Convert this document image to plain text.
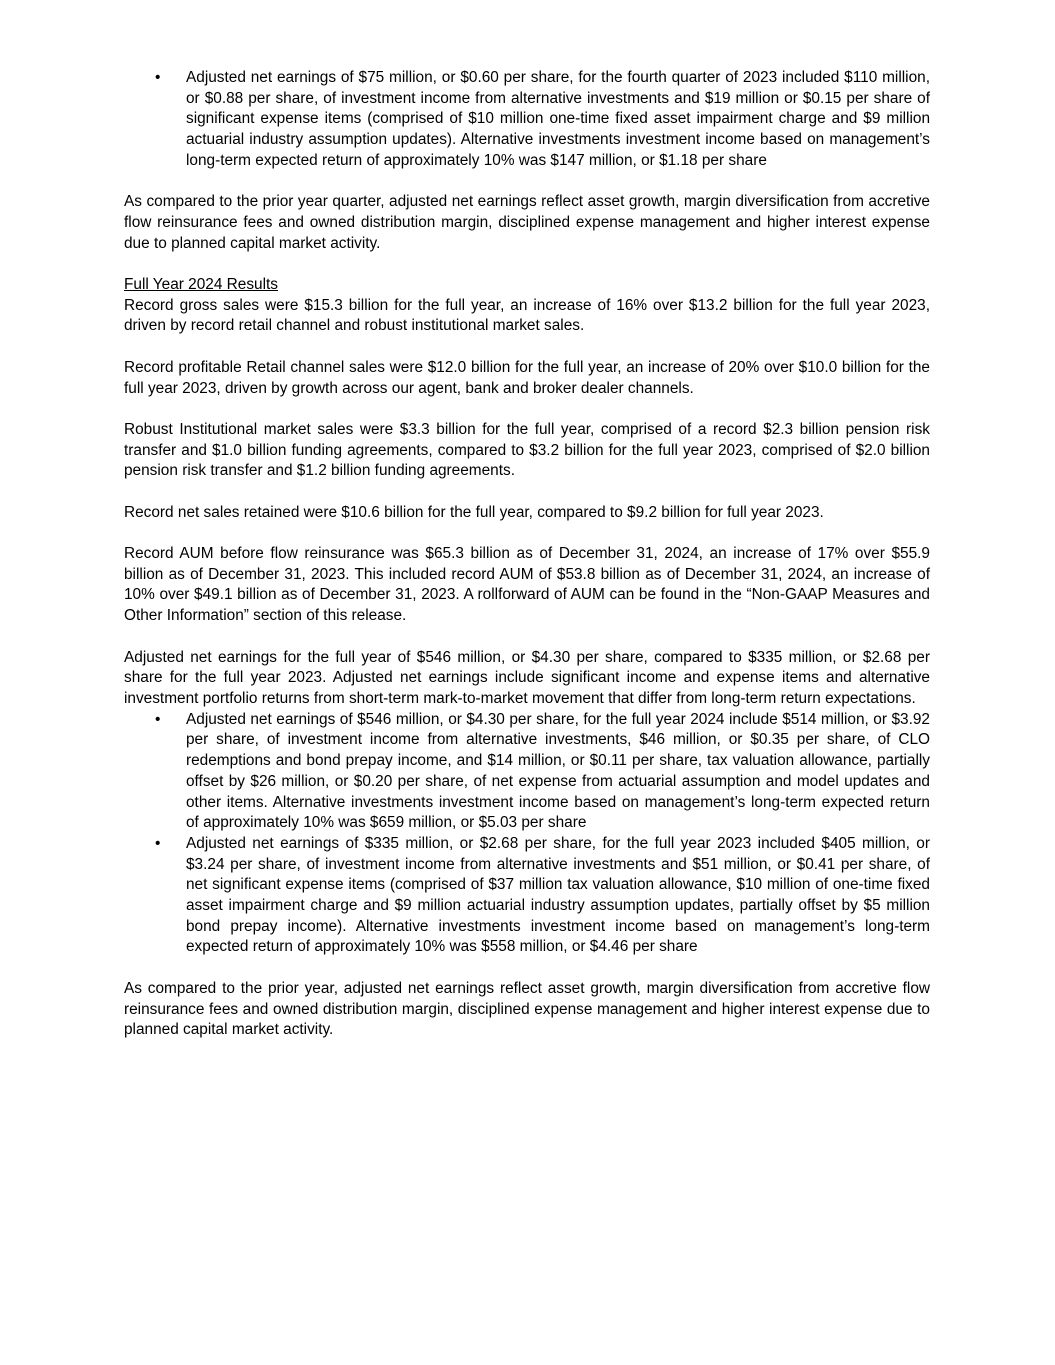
• Adjusted net earnings of $75 million, or $0.60 per share, for the fourth quarter of 2023 included $110 million, or $0.88 per share, of investment income from alternative investments and $19 million or $0.15 per share of significant expense items (comprised of $10 million one-time fixed asset impairment charge and $9 million actuarial industry assumption updates). Alternative investments investment income based on management’s long-term expected return of approximately 10% was $147 million, or $1.18 per share

As compared to the prior year quarter, adjusted net earnings reflect asset growth, margin diversification from accretive flow reinsurance fees and owned distribution margin, disciplined expense management and higher interest expense due to planned capital market activity.

Full Year 2024 Results

Record gross sales were $15.3 billion for the full year, an increase of 16% over $13.2 billion for the full year 2023, driven by record retail channel and robust institutional market sales.

Record profitable Retail channel sales were $12.0 billion for the full year, an increase of 20% over $10.0 billion for the full year 2023, driven by growth across our agent, bank and broker dealer channels.

Robust Institutional market sales were $3.3 billion for the full year, comprised of a record $2.3 billion pension risk transfer and $1.0 billion funding agreements, compared to $3.2 billion for the full year 2023, comprised of $2.0 billion pension risk transfer and $1.2 billion funding agreements.

Record net sales retained were $10.6 billion for the full year, compared to $9.2 billion for full year 2023.

Record AUM before flow reinsurance was $65.3 billion as of December 31, 2024, an increase of 17% over $55.9 billion as of December 31, 2023. This included record AUM of $53.8 billion as of December 31, 2024, an increase of 10% over $49.1 billion as of December 31, 2023. A rollforward of AUM can be found in the “Non-GAAP Measures and Other Information” section of this release.

Adjusted net earnings for the full year of $546 million, or $4.30 per share, compared to $335 million, or $2.68 per share for the full year 2023. Adjusted net earnings include significant income and expense items and alternative investment portfolio returns from short-term mark-to-market movement that differ from long-term return expectations.

• Adjusted net earnings of $546 million, or $4.30 per share, for the full year 2024 include $514 million, or $3.92 per share, of investment income from alternative investments, $46 million, or $0.35 per share, of CLO redemptions and bond prepay income, and $14 million, or $0.11 per share, tax valuation allowance, partially offset by $26 million, or $0.20 per share, of net expense from actuarial assumption and model updates and other items. Alternative investments investment income based on management’s long-term expected return of approximately 10% was $659 million, or $5.03 per share
• Adjusted net earnings of $335 million, or $2.68 per share, for the full year 2023 included $405 million, or $3.24 per share, of investment income from alternative investments and $51 million, or $0.41 per share, of net significant expense items (comprised of $37 million tax valuation allowance, $10 million of one-time fixed asset impairment charge and $9 million actuarial industry assumption updates, partially offset by $5 million bond prepay income). Alternative investments investment income based on management’s long-term expected return of approximately 10% was $558 million, or $4.46 per share

As compared to the prior year, adjusted net earnings reflect asset growth, margin diversification from accretive flow reinsurance fees and owned distribution margin, disciplined expense management and higher interest expense due to planned capital market activity.
